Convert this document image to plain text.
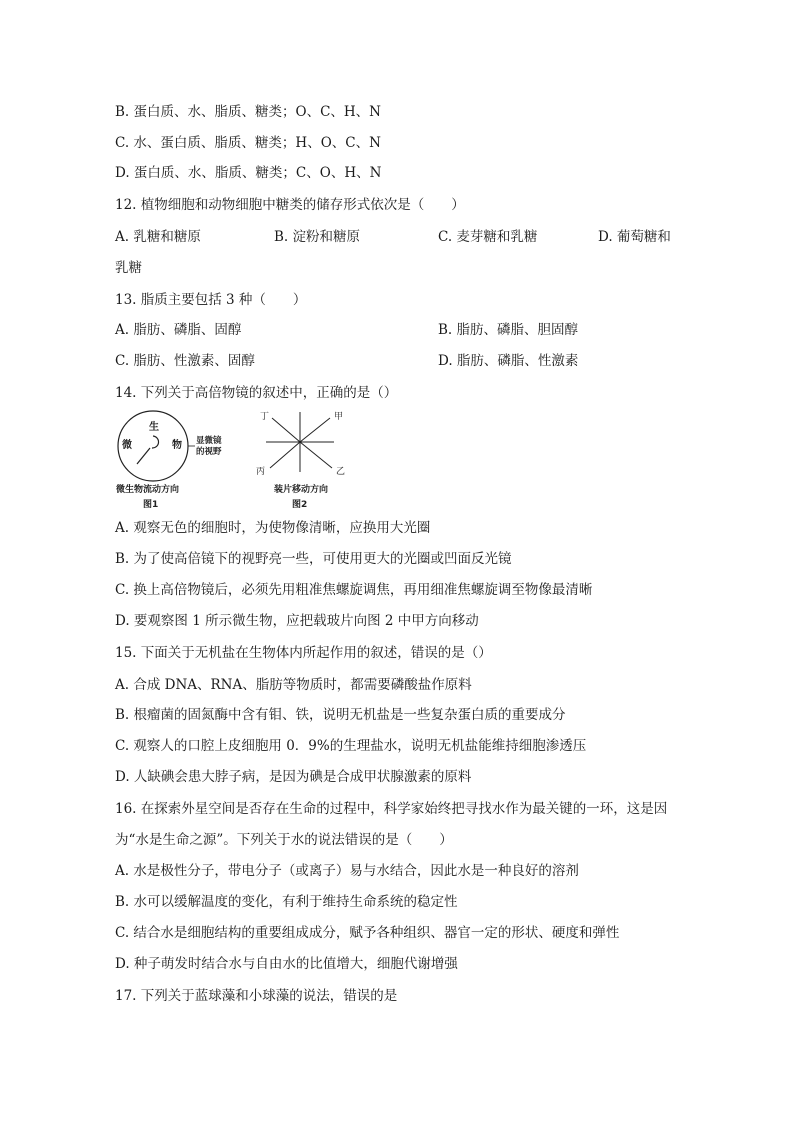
B. 蛋白质、水、脂质、糖类；O、C、H、N
C. 水、蛋白质、脂质、糖类；H、O、C、N
D. 蛋白质、水、脂质、糖类；C、O、H、N
12. 植物细胞和动物细胞中糖类的储存形式依次是（　　）
A. 乳糖和糖原	B. 淀粉和糖原	C. 麦芽糖和乳糖	D. 葡萄糖和
乳糖
13. 脂质主要包括 3 种（　　）
A. 脂肪、磷脂、固醇	B. 脂肪、磷脂、胆固醇
C. 脂肪、性激素、固醇	D. 脂肪、磷脂、性激素
14. 下列关于高倍物镜的叙述中，正确的是（）
生
微	物 显微镜
的视野
微生物流动方向
图1
丁	甲
丙	乙
装片移动方向
图2
A. 观察无色的细胞时，为使物像清晰，应换用大光圈
B. 为了使高倍镜下的视野亮一些，可使用更大的光圈或凹面反光镜
C. 换上高倍物镜后，必须先用粗准焦螺旋调焦，再用细准焦螺旋调至物像最清晰
D. 要观察图 1 所示微生物，应把载玻片向图 2 中甲方向移动
15. 下面关于无机盐在生物体内所起作用的叙述，错误的是（）
A. 合成 DNA、RNA、脂肪等物质时，都需要磷酸盐作原料
B. 根瘤菌的固氮酶中含有钼、铁，说明无机盐是一些复杂蛋白质的重要成分
C. 观察人的口腔上皮细胞用 0．9%的生理盐水，说明无机盐能维持细胞渗透压
D. 人缺碘会患大脖子病，是因为碘是合成甲状腺激素的原料
16. 在探索外星空间是否存在生命的过程中，科学家始终把寻找水作为最关键的一环，这是因
为“水是生命之源”。下列关于水的说法错误的是（　　）
A. 水是极性分子，带电分子（或离子）易与水结合，因此水是一种良好的溶剂
B. 水可以缓解温度的变化，有利于维持生命系统的稳定性
C. 结合水是细胞结构的重要组成成分，赋予各种组织、器官一定的形状、硬度和弹性
D. 种子萌发时结合水与自由水的比值增大，细胞代谢增强
17. 下列关于蓝球藻和小球藻的说法，错误的是
